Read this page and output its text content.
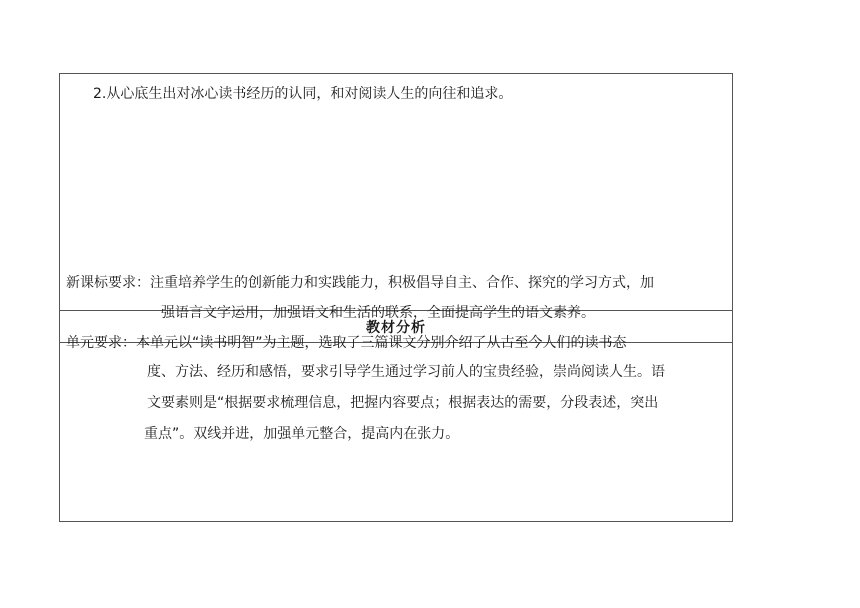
2.从心底生出对冰心读书经历的认同，和对阅读人生的向往和追求。
教材分析
新课标要求：注重培养学生的创新能力和实践能力，积极倡导自主、合作、探究的学习方式，加
强语言文字运用，加强语文和生活的联系，全面提高学生的语文素养。
单元要求：本单元以“读书明智”为主题，选取了三篇课文分别介绍了从古至今人们的读书态
度、方法、经历和感悟，要求引导学生通过学习前人的宝贵经验，崇尚阅读人生。语
文要素则是“根据要求梳理信息，把握内容要点；根据表达的需要，分段表述，突出
重点”。双线并进，加强单元整合，提高内在张力。
